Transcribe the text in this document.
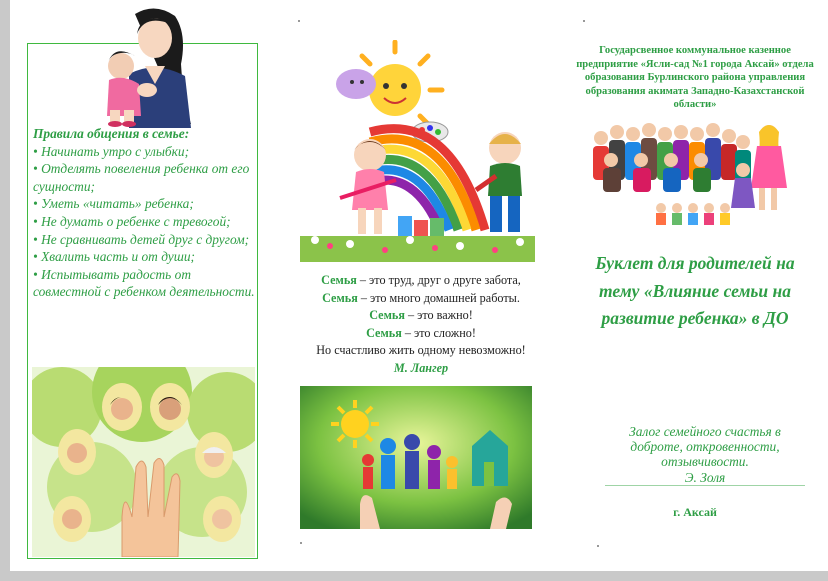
Правила общения в семье:
• Начинать утро с улыбки;
• Отделять повеления ребенка от его сущности;
• Уметь «читать» ребенка;
• Не думать о ребенке с тревогой;
• Не сравнивать детей друг с другом;
• Хвалить часть и от души;
• Испытывать радость от совместной с ребенком деятельности.
Семья – это труд, друг о друге забота,
Семья – это много домашней работы.
Семья – это важно!
Семья – это сложно!
Но счастливо жить одному невозможно!
М. Лангер
Государсвенное коммунальное казенное предприятие «Ясли-сад №1 города Аксай» отдела образования Бурлинского района управления образования акимата Западно-Казахстанской области»
Буклет для родителей на тему «Влияние семьи на развитие ребенка» в ДО
Залог семейного счастья в доброте, откровенности, отзывчивости.
Э. Золя
г. Аксай
